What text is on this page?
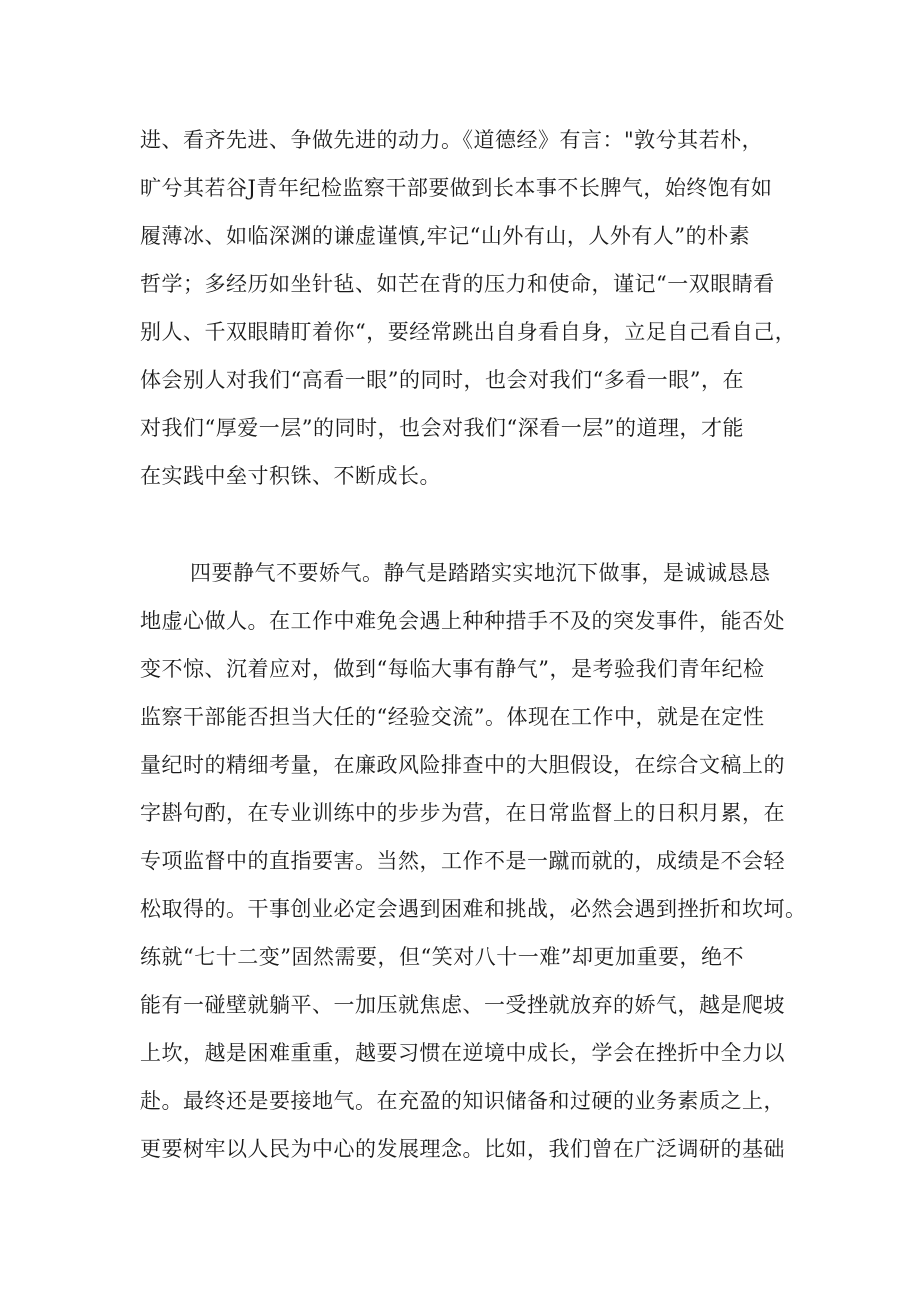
进、看齐先进、争做先进的动力。《道德经》有言："敦兮其若朴，
旷兮其若谷J青年纪检监察干部要做到长本事不长脾气，始终饱有如
履薄冰、如临深渊的谦虚谨慎,牢记“山外有山，人外有人”的朴素
哲学；多经历如坐针毡、如芒在背的压力和使命，谨记“一双眼睛看
别人、千双眼睛盯着你“，要经常跳出自身看自身，立足自己看自己，
体会别人对我们“高看一眼”的同时，也会对我们“多看一眼”，在
对我们“厚爱一层”的同时，也会对我们“深看一层”的道理，才能
在实践中垒寸积铢、不断成长。
四要静气不要娇气。静气是踏踏实实地沉下做事，是诚诚恳恳
地虚心做人。在工作中难免会遇上种种措手不及的突发事件，能否处
变不惊、沉着应对，做到“每临大事有静气”，是考验我们青年纪检
监察干部能否担当大任的“经验交流”。体现在工作中，就是在定性
量纪时的精细考量，在廉政风险排查中的大胆假设，在综合文稿上的
字斟句酌，在专业训练中的步步为营，在日常监督上的日积月累，在
专项监督中的直指要害。当然，工作不是一蹴而就的，成绩是不会轻
松取得的。干事创业必定会遇到困难和挑战，必然会遇到挫折和坎坷。
练就“七十二变”固然需要，但“笑对八十一难”却更加重要，绝不
能有一碰壁就躺平、一加压就焦虑、一受挫就放弃的娇气，越是爬坡
上坎，越是困难重重，越要习惯在逆境中成长，学会在挫折中全力以
赴。最终还是要接地气。在充盈的知识储备和过硬的业务素质之上，
更要树牢以人民为中心的发展理念。比如，我们曾在广泛调研的基础
